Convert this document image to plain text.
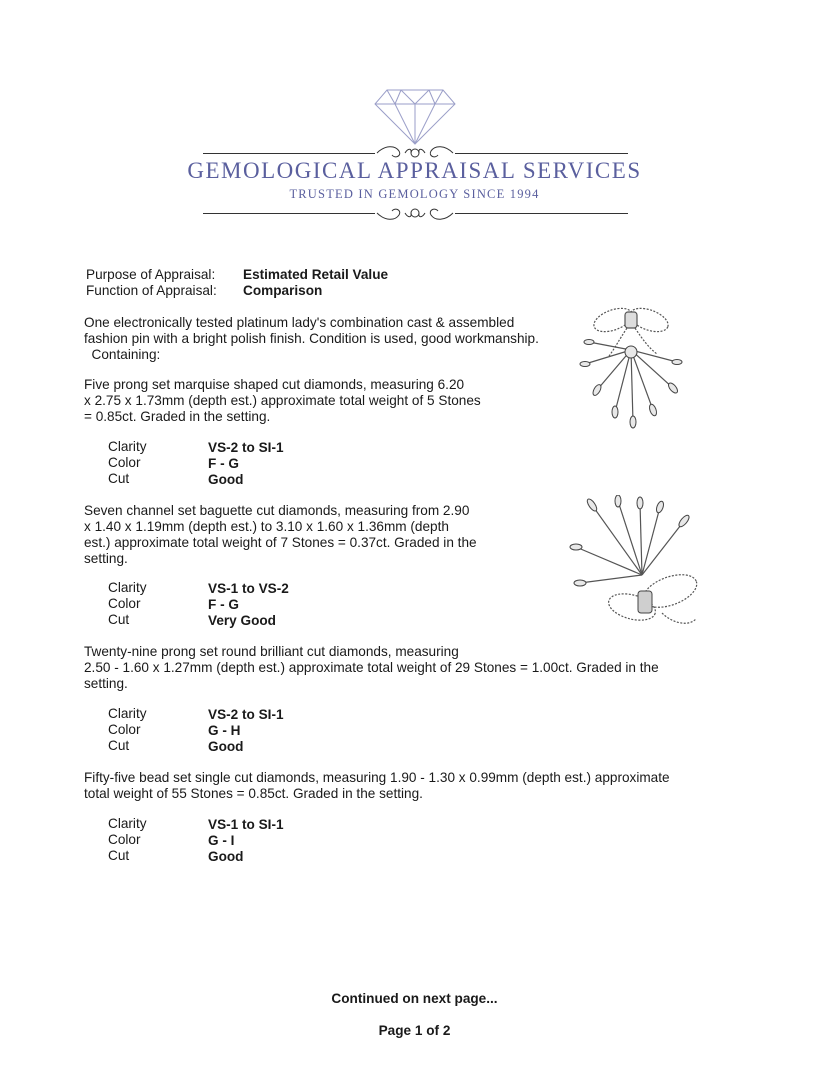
GEMOLOGICAL APPRAISAL SERVICES
TRUSTED IN GEMOLOGY SINCE 1994
Purpose of Appraisal: Estimated Retail Value
Function of Appraisal: Comparison
One electronically tested platinum lady's combination cast & assembled
fashion pin with a bright polish finish. Condition is used, good workmanship.
Containing:
Five prong set marquise shaped cut diamonds, measuring 6.20
x 2.75 x 1.73mm (depth est.) approximate total weight of 5 Stones
= 0.85ct. Graded in the setting.
Clarity	VS-2 to SI-1
Color	F - G
Cut	Good
Seven channel set baguette cut diamonds, measuring from 2.90
x 1.40 x 1.19mm (depth est.) to 3.10 x 1.60 x 1.36mm (depth
est.) approximate total weight of 7 Stones = 0.37ct. Graded in the
setting.
Clarity	VS-1 to VS-2
Color	F - G
Cut	Very Good
Twenty-nine prong set round brilliant cut diamonds, measuring
2.50 - 1.60 x 1.27mm (depth est.) approximate total weight of 29 Stones = 1.00ct. Graded in the
setting.
Clarity	VS-2 to SI-1
Color	G - H
Cut	Good
Fifty-five bead set single cut diamonds, measuring 1.90 - 1.30 x 0.99mm (depth est.) approximate
total weight of 55 Stones = 0.85ct. Graded in the setting.
Clarity	VS-1 to SI-1
Color	G - I
Cut	Good
Continued on next page...
Page 1 of 2
